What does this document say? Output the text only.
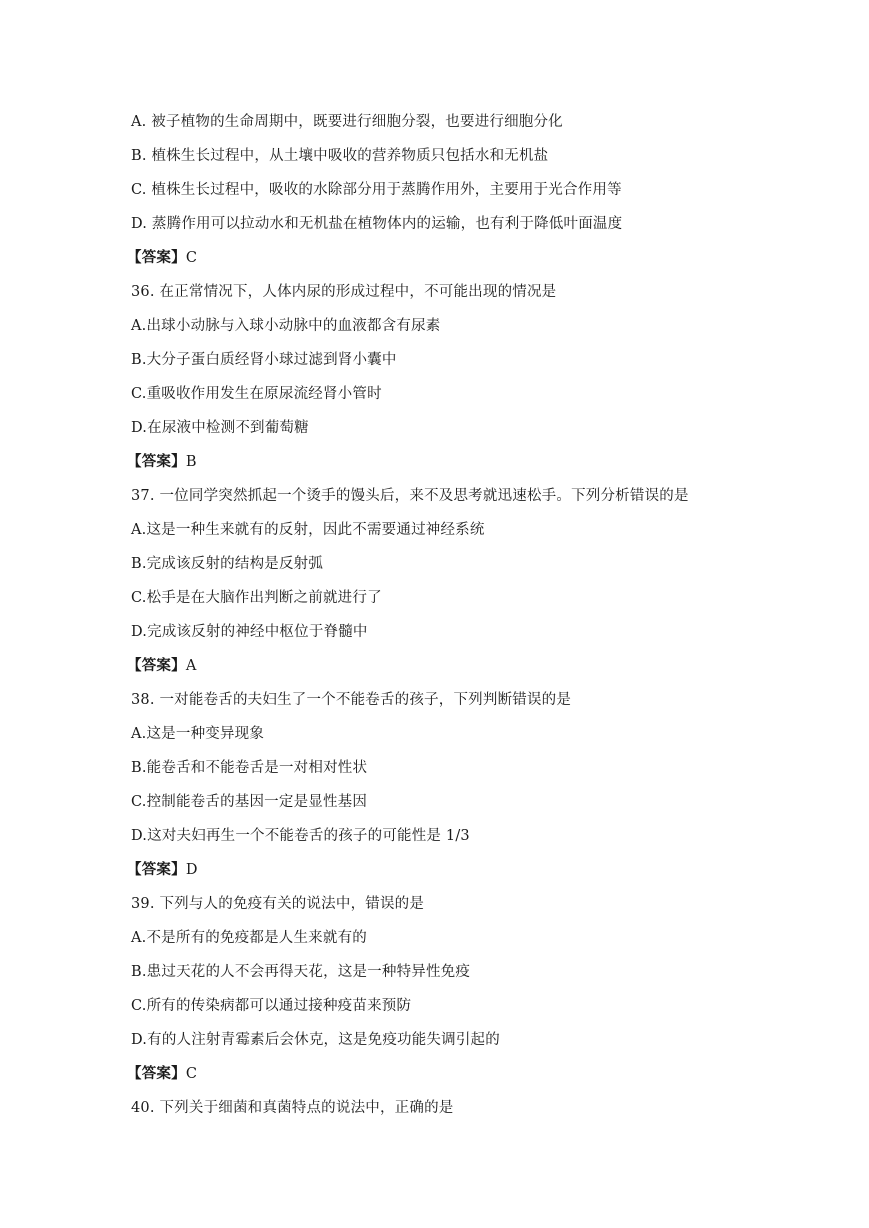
A. 被子植物的生命周期中，既要进行细胞分裂，也要进行细胞分化
B. 植株生长过程中，从土壤中吸收的营养物质只包括水和无机盐
C. 植株生长过程中，吸收的水除部分用于蒸腾作用外，主要用于光合作用等
D. 蒸腾作用可以拉动水和无机盐在植物体内的运输，也有利于降低叶面温度
【答案】C
36. 在正常情况下，人体内尿的形成过程中，不可能出现的情况是
A.出球小动脉与入球小动脉中的血液都含有尿素
B.大分子蛋白质经肾小球过滤到肾小囊中
C.重吸收作用发生在原尿流经肾小管时
D.在尿液中检测不到葡萄糖
【答案】B
37. 一位同学突然抓起一个烫手的馒头后，来不及思考就迅速松手。下列分析错误的是
A.这是一种生来就有的反射，因此不需要通过神经系统
B.完成该反射的结构是反射弧
C.松手是在大脑作出判断之前就进行了
D.完成该反射的神经中枢位于脊髓中
【答案】A
38. 一对能卷舌的夫妇生了一个不能卷舌的孩子，下列判断错误的是
A.这是一种变异现象
B.能卷舌和不能卷舌是一对相对性状
C.控制能卷舌的基因一定是显性基因
D.这对夫妇再生一个不能卷舌的孩子的可能性是 1/3
【答案】D
39. 下列与人的免疫有关的说法中，错误的是
A.不是所有的免疫都是人生来就有的
B.患过天花的人不会再得天花，这是一种特异性免疫
C.所有的传染病都可以通过接种疫苗来预防
D.有的人注射青霉素后会休克，这是免疫功能失调引起的
【答案】C
40. 下列关于细菌和真菌特点的说法中，正确的是
